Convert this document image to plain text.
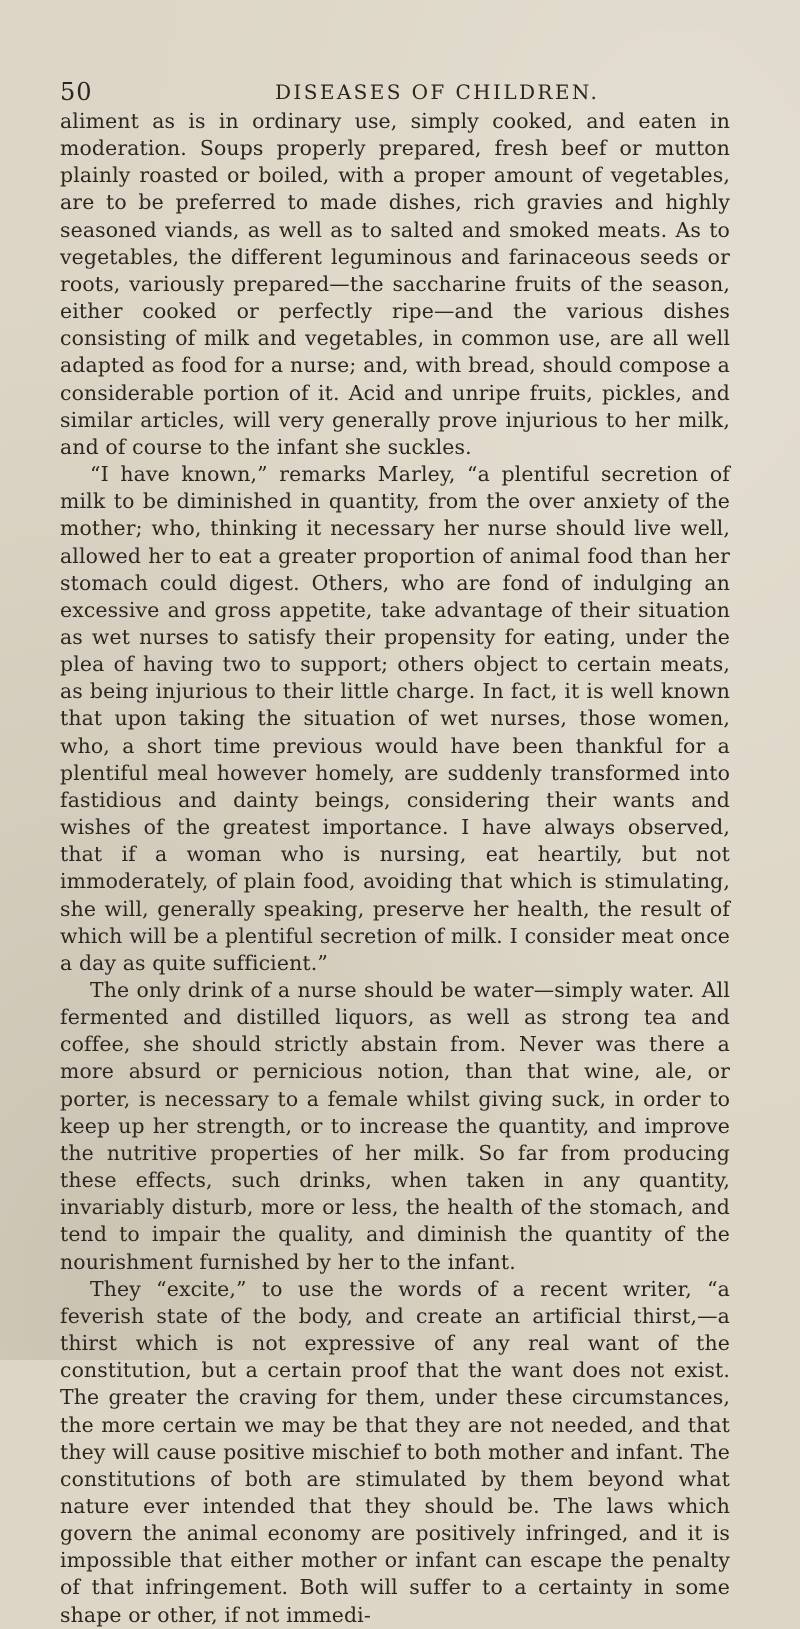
50	DISEASES OF CHILDREN.

aliment as is in ordinary use, simply cooked, and eaten in moderation. Soups properly prepared, fresh beef or mutton plainly roasted or boiled, with a proper amount of vegetables, are to be preferred to made dishes, rich gravies and highly seasoned viands, as well as to salted and smoked meats. As to vegetables, the different leguminous and farinaceous seeds or roots, variously prepared—the saccharine fruits of the season, either cooked or perfectly ripe—and the various dishes consisting of milk and vegetables, in common use, are all well adapted as food for a nurse; and, with bread, should compose a considerable portion of it. Acid and unripe fruits, pickles, and similar articles, will very generally prove injurious to her milk, and of course to the infant she suckles.

“I have known,” remarks Marley, “a plentiful secretion of milk to be diminished in quantity, from the over anxiety of the mother; who, thinking it necessary her nurse should live well, allowed her to eat a greater proportion of animal food than her stomach could digest. Others, who are fond of indulging an excessive and gross appetite, take advantage of their situation as wet nurses to satisfy their propensity for eating, under the plea of having two to support; others object to certain meats, as being injurious to their little charge. In fact, it is well known that upon taking the situation of wet nurses, those women, who, a short time previous would have been thankful for a plentiful meal however homely, are suddenly transformed into fastidious and dainty beings, considering their wants and wishes of the greatest importance. I have always observed, that if a woman who is nursing, eat heartily, but not immoderately, of plain food, avoiding that which is stimulating, she will, generally speaking, preserve her health, the result of which will be a plentiful secretion of milk. I consider meat once a day as quite sufficient.”

The only drink of a nurse should be water—simply water. All fermented and distilled liquors, as well as strong tea and coffee, she should strictly abstain from. Never was there a more absurd or pernicious notion, than that wine, ale, or porter, is necessary to a female whilst giving suck, in order to keep up her strength, or to increase the quantity, and improve the nutritive properties of her milk. So far from producing these effects, such drinks, when taken in any quantity, invariably disturb, more or less, the health of the stomach, and tend to impair the quality, and diminish the quantity of the nourishment furnished by her to the infant.

They “excite,” to use the words of a recent writer, “a feverish state of the body, and create an artificial thirst,—a thirst which is not expressive of any real want of the constitution, but a certain proof that the want does not exist. The greater the craving for them, under these circumstances, the more certain we may be that they are not needed, and that they will cause positive mischief to both mother and infant. The constitutions of both are stimulated by them beyond what nature ever intended that they should be. The laws which govern the animal economy are positively infringed, and it is impossible that either mother or infant can escape the penalty of that infringement. Both will suffer to a certainty in some shape or other, if not immedi-
